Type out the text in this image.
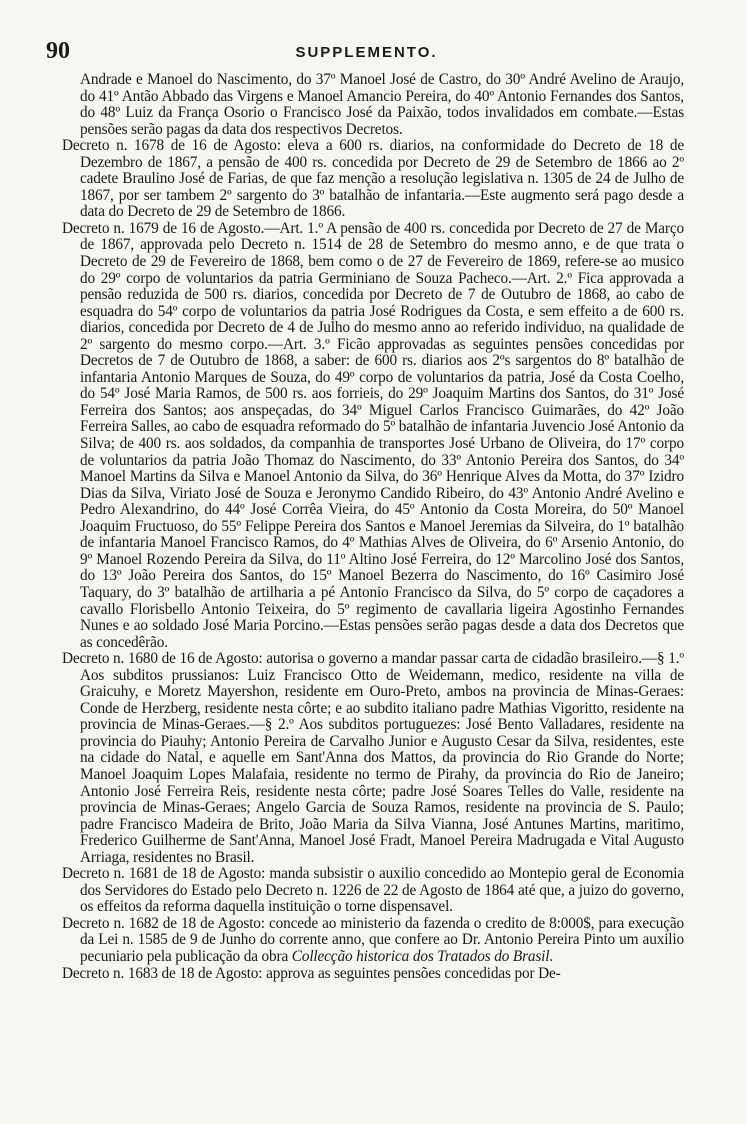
90	SUPPLEMENTO.

Andrade e Manoel do Nascimento, do 37º Manoel José de Castro, do 30º André Avelino de Araujo, do 41º Antão Abbado das Virgens e Manoel Amancio Pereira, do 40º Antonio Fernandes dos Santos, do 48º Luiz da França Osorio o Francisco José da Paixão, todos invalidados em combate.—Estas pensões serão pagas da data dos respectivos Decretos.

Decreto n. 1678 de 16 de Agosto: eleva a 600 rs. diarios, na conformidade do Decreto de 18 de Dezembro de 1867, a pensão de 400 rs. concedida por Decreto de 29 de Setembro de 1866 ao 2º cadete Braulino José de Farias, de que faz menção a resolução legislativa n. 1305 de 24 de Julho de 1867, por ser tambem 2º sargento do 3º batalhão de infantaria.—Este augmento será pago desde a data do Decreto de 29 de Setembro de 1866.

Decreto n. 1679 de 16 de Agosto.—Art. 1.º A pensão de 400 rs. concedida por Decreto de 27 de Março de 1867, approvada pelo Decreto n. 1514 de 28 de Setembro do mesmo anno, e de que trata o Decreto de 29 de Fevereiro de 1868, bem como o de 27 de Fevereiro de 1869, refere-se ao musico do 29º corpo de voluntarios da patria Germiniano de Souza Pacheco.—Art. 2.º Fica approvada a pensão reduzida de 500 rs. diarios, concedida por Decreto de 7 de Outubro de 1868, ao cabo de esquadra do 54º corpo de voluntarios da patria José Rodrigues da Costa, e sem effeito a de 600 rs. diarios, concedida por Decreto de 4 de Julho do mesmo anno ao referido individuo, na qualidade de 2º sargento do mesmo corpo.—Art. 3.º Ficão approvadas as seguintes pensões concedidas por Decretos de 7 de Outubro de 1868, a saber: de 600 rs. diarios aos 2ºs sargentos do 8º batalhão de infantaria Antonio Marques de Souza, do 49º corpo de voluntarios da patria, José da Costa Coelho, do 54º José Maria Ramos, de 500 rs. aos forrieis, do 29º Joaquim Martins dos Santos, do 31º José Ferreira dos Santos; aos anspeçadas, do 34º Miguel Carlos Francisco Guimarães, do 42º João Ferreira Salles, ao cabo de esquadra reformado do 5º batalhão de infantaria Juvencio José Antonio da Silva; de 400 rs. aos soldados, da companhia de transportes José Urbano de Oliveira, do 17º corpo de voluntarios da patria João Thomaz do Nascimento, do 33º Antonio Pereira dos Santos, do 34º Manoel Martins da Silva e Manoel Antonio da Silva, do 36º Henrique Alves da Motta, do 37º Izidro Dias da Silva, Viriato José de Souza e Jeronymo Candido Ribeiro, do 43º Antonio André Avelino e Pedro Alexandrino, do 44º José Corrêa Vieira, do 45º Antonio da Costa Moreira, do 50º Manoel Joaquim Fructuoso, do 55º Felippe Pereira dos Santos e Manoel Jeremias da Silveira, do 1º batalhão de infantaria Manoel Francisco Ramos, do 4º Mathias Alves de Oliveira, do 6º Arsenio Antonio, do 9º Manoel Rozendo Pereira da Silva, do 11º Altino José Ferreira, do 12º Marcolino José dos Santos, do 13º João Pereira dos Santos, do 15º Manoel Bezerra do Nascimento, do 16º Casimiro José Taquary, do 3º batalhão de artilharia a pé Antonio Francisco da Silva, do 5º corpo de caçadores a cavallo Florisbello Antonio Teixeira, do 5º regimento de cavallaria ligeira Agostinho Fernandes Nunes e ao soldado José Maria Porcino.—Estas pensões serão pagas desde a data dos Decretos que as concedêrão.

Decreto n. 1680 de 16 de Agosto: autorisa o governo a mandar passar carta de cidadão brasileiro.—§ 1.º Aos subditos prussianos: Luiz Francisco Otto de Weidemann, medico, residente na villa de Graicuhy, e Moretz Mayershon, residente em Ouro-Preto, ambos na provincia de Minas-Geraes: Conde de Herzberg, residente nesta côrte; e ao subdito italiano padre Mathias Vigoritto, residente na provincia de Minas-Geraes.—§ 2.º Aos subditos portuguezes: José Bento Valladares, residente na provincia do Piauhy; Antonio Pereira de Carvalho Junior e Augusto Cesar da Silva, residentes, este na cidade do Natal, e aquelle em Sant'Anna dos Mattos, da provincia do Rio Grande do Norte; Manoel Joaquim Lopes Malafaia, residente no termo de Pirahy, da provincia do Rio de Janeiro; Antonio José Ferreira Reis, residente nesta côrte; padre José Soares Telles do Valle, residente na provincia de Minas-Geraes; Angelo Garcia de Souza Ramos, residente na provincia de S. Paulo; padre Francisco Madeira de Brito, João Maria da Silva Vianna, José Antunes Martins, maritimo, Frederico Guilherme de Sant'Anna, Manoel José Fradt, Manoel Pereira Madrugada e Vital Augusto Arriaga, residentes no Brasil.

Decreto n. 1681 de 18 de Agosto: manda subsistir o auxilio concedido ao Montepio geral de Economia dos Servidores do Estado pelo Decreto n. 1226 de 22 de Agosto de 1864 até que, a juizo do governo, os effeitos da reforma daquella instituição o torne dispensavel.

Decreto n. 1682 de 18 de Agosto: concede ao ministerio da fazenda o credito de 8:000$, para execução da Lei n. 1585 de 9 de Junho do corrente anno, que confere ao Dr. Antonio Pereira Pinto um auxilio pecuniario pela publicação da obra Collecção historica dos Tratados do Brasil.

Decreto n. 1683 de 18 de Agosto: approva as seguintes pensões concedidas por De-
